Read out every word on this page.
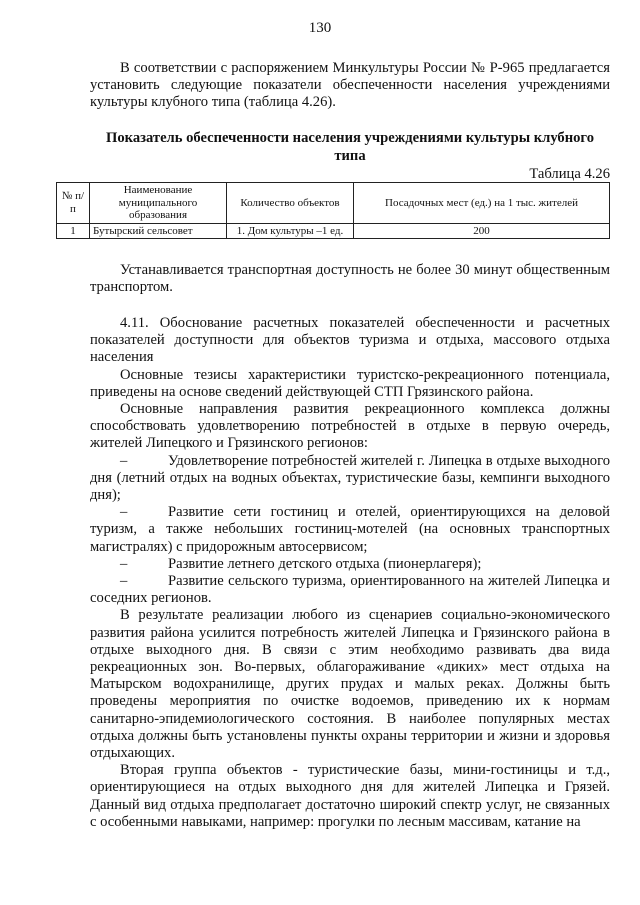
130

В соответствии с распоряжением Минкультуры России № Р-965 предлагается установить следующие показатели обеспеченности населения учреждениями культуры клубного типа (таблица 4.26).

Показатель обеспеченности населения учреждениями культуры клубного типа
Таблица 4.26
№ п/п	Наименование муниципального образования	Количество объектов	Посадочных мест (ед.) на 1 тыс. жителей
1	Бутырский сельсовет	1. Дом культуры –1 ед.	200

Устанавливается транспортная доступность не более 30 минут общественным транспортом.

4.11. Обоснование расчетных показателей обеспеченности и расчетных показателей доступности для объектов туризма и отдыха, массового отдыха населения

Основные тезисы характеристики туристско-рекреационного потенциала, приведены на основе сведений действующей СТП Грязинского района.

Основные направления развития рекреационного комплекса должны способствовать удовлетворению потребностей в отдыхе в первую очередь, жителей Липецкого и Грязинского регионов:

–	Удовлетворение потребностей жителей г. Липецка в отдыхе выходного дня (летний отдых на водных объектах, туристические базы, кемпинги выходного дня);

–	Развитие сети гостиниц и отелей, ориентирующихся на деловой туризм, а также небольших гостиниц-мотелей (на основных транспортных магистралях) с придорожным автосервисом;

–	Развитие летнего детского отдыха (пионерлагеря);

–	Развитие сельского туризма, ориентированного на жителей Липецка и соседних регионов.

В результате реализации любого из сценариев социально-экономического развития района усилится потребность жителей Липецка и Грязинского района в отдыхе выходного дня. В связи с этим необходимо развивать два вида рекреационных зон. Во-первых, облагораживание «диких» мест отдыха на Матырском водохранилище, других прудах и малых реках. Должны быть проведены мероприятия по очистке водоемов, приведению их к нормам санитарно-эпидемиологического состояния. В наиболее популярных местах отдыха должны быть установлены пункты охраны территории и жизни и здоровья отдыхающих.

Вторая группа объектов - туристические базы, мини-гостиницы и т.д., ориентирующиеся на отдых выходного дня для жителей Липецка и Грязей. Данный вид отдыха предполагает достаточно широкий спектр услуг, не связанных с особенными навыками, например: прогулки по лесным массивам, катание на
